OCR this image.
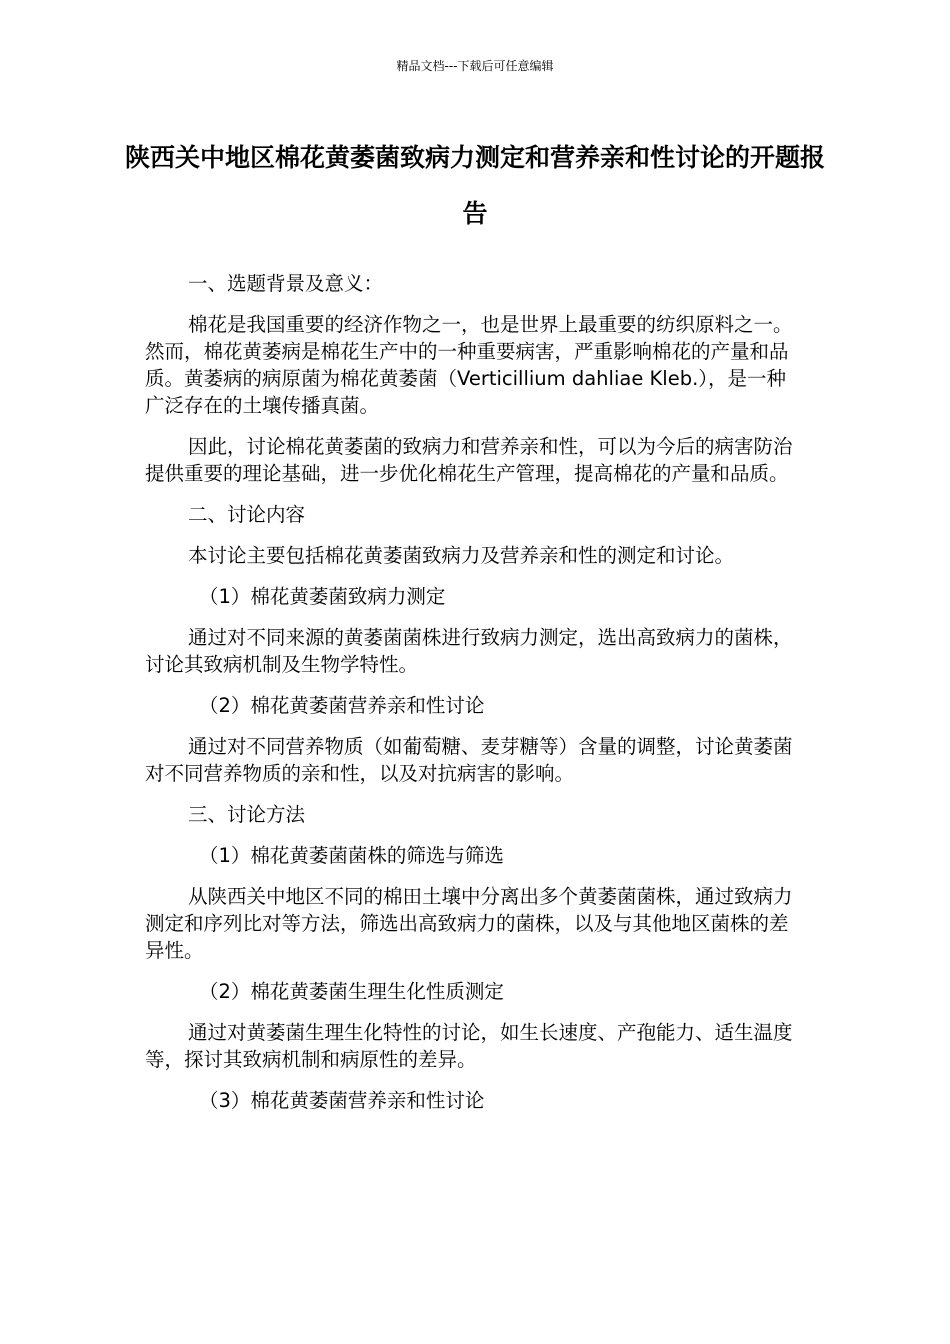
精品文档---下载后可任意编辑
陕西关中地区棉花黄萎菌致病力测定和营养亲和性讨论的开题报告

一、选题背景及意义：

棉花是我国重要的经济作物之一，也是世界上最重要的纺织原料之一。然而，棉花黄萎病是棉花生产中的一种重要病害，严重影响棉花的产量和品质。黄萎病的病原菌为棉花黄萎菌（Verticillium dahliae Kleb.），是一种广泛存在的土壤传播真菌。

因此，讨论棉花黄萎菌的致病力和营养亲和性，可以为今后的病害防治提供重要的理论基础，进一步优化棉花生产管理，提高棉花的产量和品质。

二、讨论内容

本讨论主要包括棉花黄萎菌致病力及营养亲和性的测定和讨论。

（1）棉花黄萎菌致病力测定

通过对不同来源的黄萎菌菌株进行致病力测定，选出高致病力的菌株，讨论其致病机制及生物学特性。

（2）棉花黄萎菌营养亲和性讨论

通过对不同营养物质（如葡萄糖、麦芽糖等）含量的调整，讨论黄萎菌对不同营养物质的亲和性，以及对抗病害的影响。

三、讨论方法

（1）棉花黄萎菌菌株的筛选与筛选

从陕西关中地区不同的棉田土壤中分离出多个黄萎菌菌株，通过致病力测定和序列比对等方法，筛选出高致病力的菌株，以及与其他地区菌株的差异性。

（2）棉花黄萎菌生理生化性质测定

通过对黄萎菌生理生化特性的讨论，如生长速度、产孢能力、适生温度等，探讨其致病机制和病原性的差异。

（3）棉花黄萎菌营养亲和性讨论
